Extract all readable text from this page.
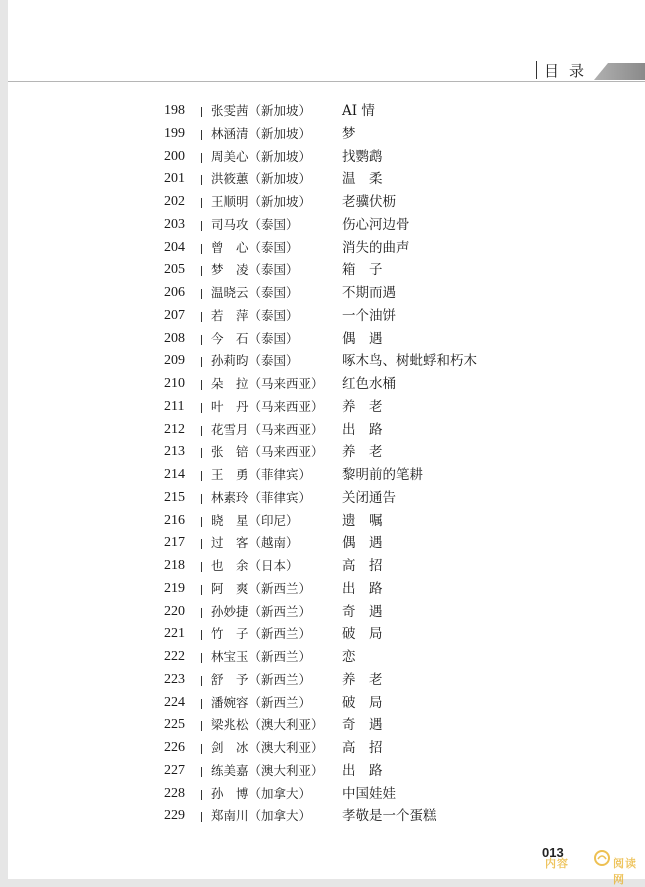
目录
198	张雯茜（新加坡） AI 情
199	林涵清（新加坡） 梦
200	周美心（新加坡） 找鹦鹉
201	洪筱蕙（新加坡） 温　柔
202	王顺明（新加坡） 老骥伏枥
203	司马攻（泰国）	伤心河边骨
204	曾　心（泰国）	消失的曲声
205	梦　凌（泰国）	箱　子
206	温晓云（泰国）	不期而遇
207	若　萍（泰国）	一个油饼
208	今　石（泰国）	偶　遇
209	孙莉昀（泰国）	啄木鸟、树蚍蜉和朽木
210	朵　拉（马来西亚） 红色水桶
211	叶　丹（马来西亚） 养　老
212	花雪月（马来西亚） 出　路
213	张　锫（马来西亚） 养　老
214	王　勇（菲律宾） 黎明前的笔耕
215	林素玲（菲律宾） 关闭通告
216	晓　星（印尼）	遗　嘱
217	过　客（越南）	偶　遇
218	也　余（日本）	高　招
219	阿　爽（新西兰） 出　路
220	孙妙捷（新西兰） 奇　遇
221	竹　子（新西兰） 破　局
222	林宝玉（新西兰） 恋
223	舒　予（新西兰） 养　老
224	潘婉容（新西兰） 破　局
225	梁兆松（澳大利亚） 奇　遇
226	剑　冰（澳大利亚） 高　招
227	练美嘉（澳大利亚） 出　路
228	孙　博（加拿大） 中国娃娃
229	郑南川（加拿大） 孝敬是一个蛋糕
013
内容	阅读网
